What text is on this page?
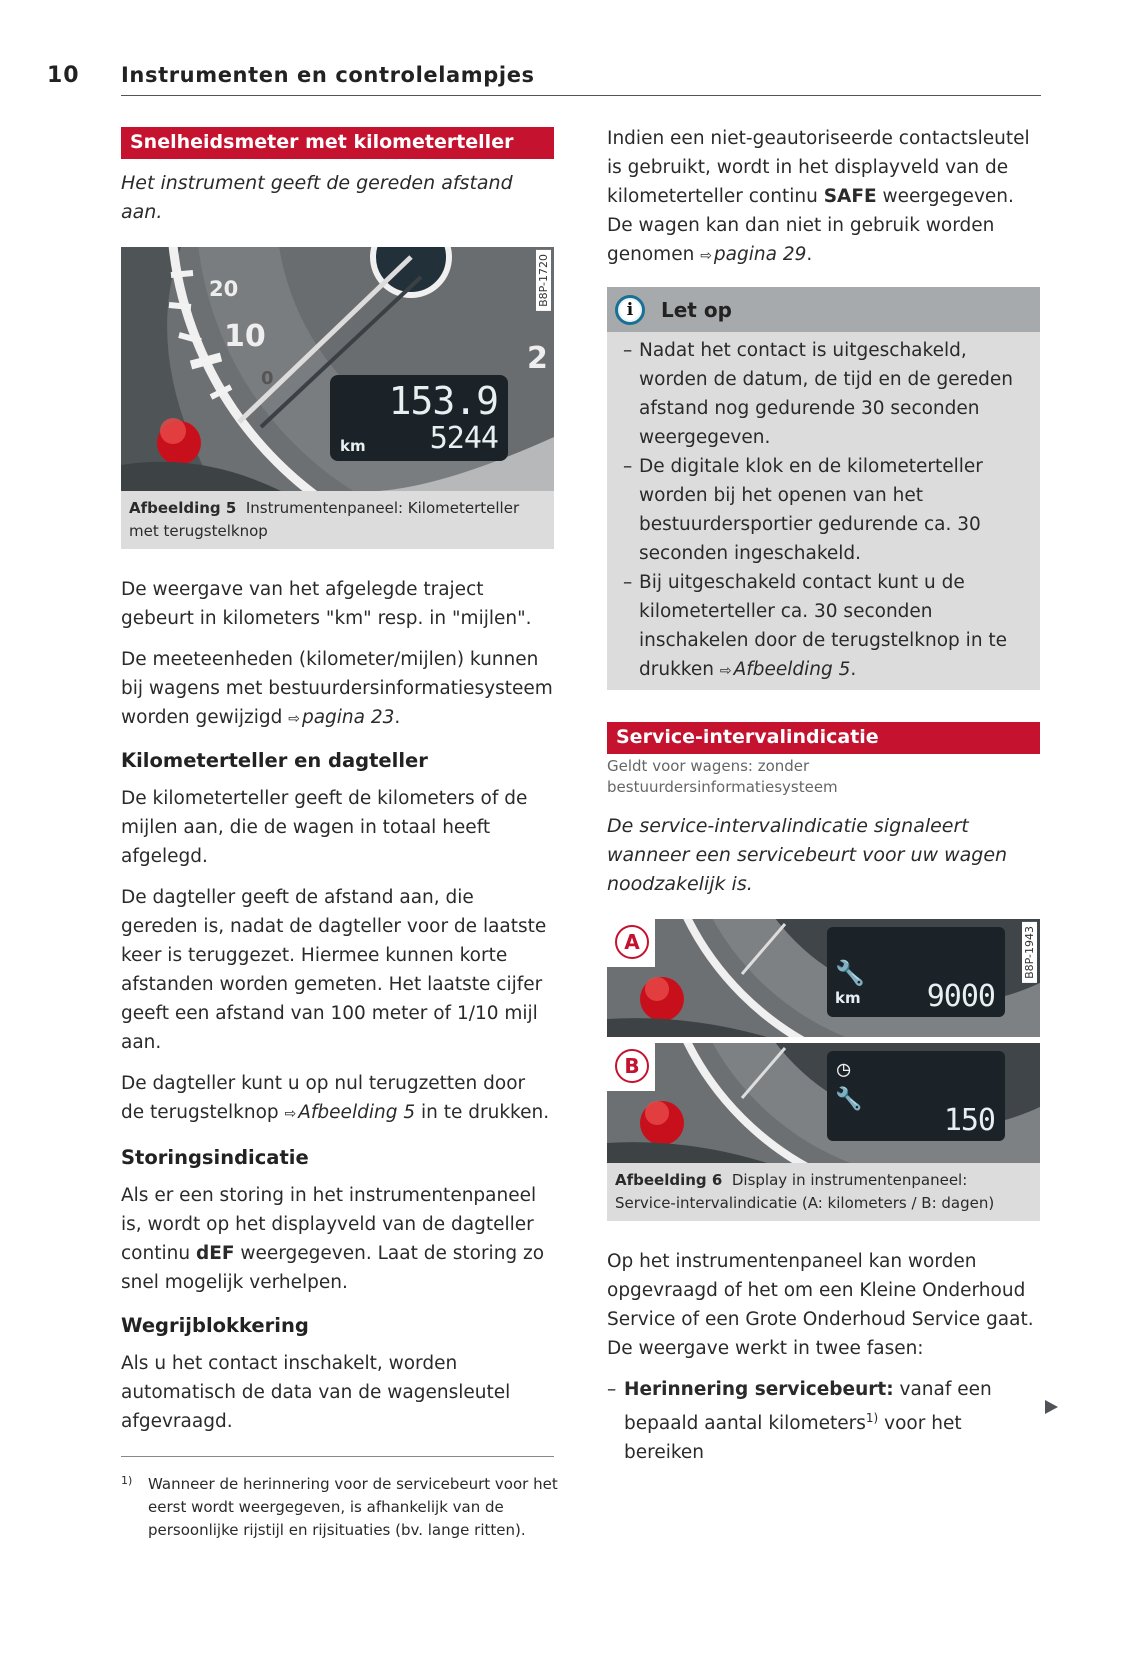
10 Instrumenten en controlelampjes
Snelheidsmeter met kilometerteller
Het instrument geeft de gereden afstand aan.
20
10
0
2
153.9
5244
km
B8P-1720
Afbeelding 5 Instrumentenpaneel: Kilometerteller met terugstelknop

De weergave van het afgelegde traject gebeurt in kilometers "km" resp. in "mijlen".

De meeteenheden (kilometer/mijlen) kunnen bij wagens met bestuurdersinformatiesysteem worden gewijzigd ⇨ pagina 23.

Kilometerteller en dagteller

De kilometerteller geeft de kilometers of de mijlen aan, die de wagen in totaal heeft afgelegd.

De dagteller geeft de afstand aan, die gereden is, nadat de dagteller voor de laatste keer is teruggezet. Hiermee kunnen korte afstanden worden gemeten. Het laatste cijfer geeft een afstand van 100 meter of 1/10 mijl aan.

De dagteller kunt u op nul terugzetten door de terugstelknop ⇨ Afbeelding 5 in te drukken.

Storingsindicatie

Als er een storing in het instrumentenpaneel is, wordt op het displayveld van de dagteller continu dEF weergegeven. Laat de storing zo snel mogelijk verhelpen.

Wegrijblokkering

Als u het contact inschakelt, worden automatisch de data van de wagensleutel afgevraagd.

1) Wanneer de herinnering voor de servicebeurt voor het eerst wordt weergegeven, is afhankelijk van de persoonlijke rijstijl en rijsituaties (bv. lange ritten).

Indien een niet-geautoriseerde contactsleutel is gebruikt, wordt in het displayveld van de kilometerteller continu SAFE weergegeven. De wagen kan dan niet in gebruik worden genomen ⇨ pagina 29.

i	Let op
– Nadat het contact is uitgeschakeld, worden de datum, de tijd en de gereden afstand nog gedurende 30 seconden weergegeven.
– De digitale klok en de kilometerteller worden bij het openen van het bestuurdersportier gedurende ca. 30 seconden ingeschakeld.
– Bij uitgeschakeld contact kunt u de kilometerteller ca. 30 seconden inschakelen door de terugstelknop in te drukken ⇨ Afbeelding 5.
Service-intervalindicatie
Geldt voor wagens: zonder bestuurdersinformatiesysteem
De service-intervalindicatie signaleert wanneer een servicebeurt voor uw wagen noodzakelijk is.
A
🔧
km 9000
B	◷
🔧
150
B8P-1943
Afbeelding 6 Display in instrumentenpaneel: Service-intervalindicatie (A: kilometers / B: dagen)

Op het instrumentenpaneel kan worden opgevraagd of het om een Kleine Onderhoud Service of een Grote Onderhoud Service gaat. De weergave werkt in twee fasen:

– Herinnering servicebeurt: vanaf een bepaald aantal kilometers$^{1)}$ voor het bereiken
